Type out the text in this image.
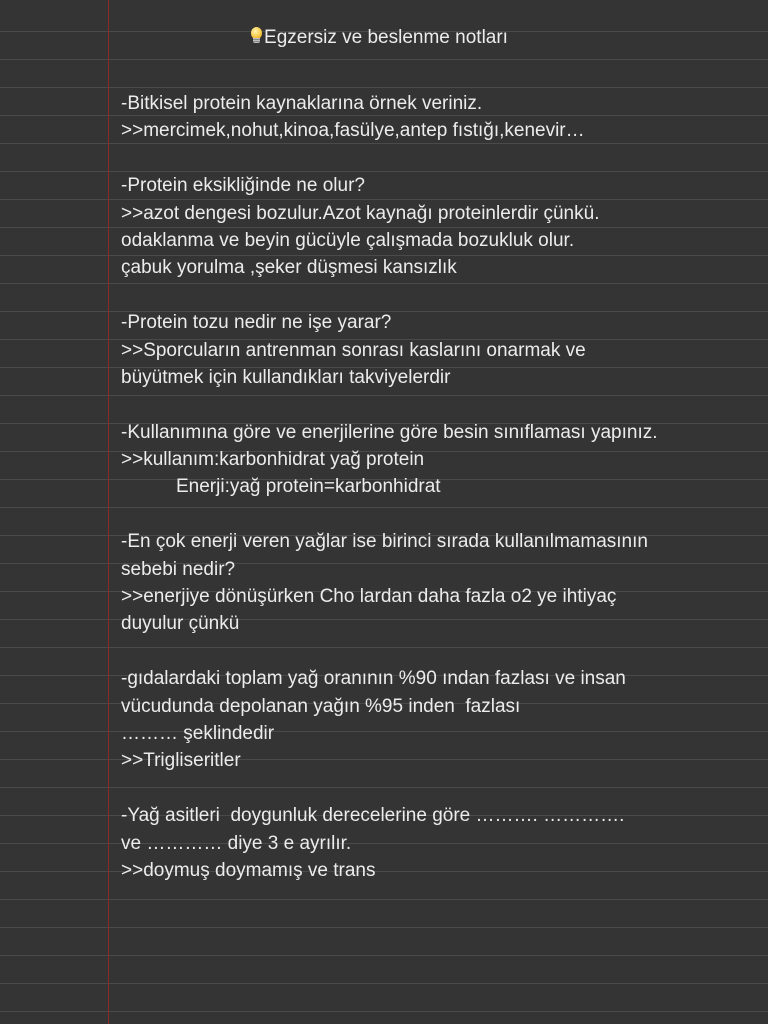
Egzersiz ve beslenme notları
-Bitkisel protein kaynaklarına örnek veriniz.
>>mercimek,nohut,kinoa,fasülye,antep fıstığı,kenevir…
-Protein eksikliğinde ne olur?
>>azot dengesi bozulur.Azot kaynağı proteinlerdir çünkü.
odaklanma ve beyin gücüyle çalışmada bozukluk olur.
çabuk yorulma ,şeker düşmesi kansızlık
-Protein tozu nedir ne işe yarar?
>>Sporcuların antrenman sonrası kaslarını onarmak ve
büyütmek için kullandıkları takviyelerdir
-Kullanımına göre ve enerjilerine göre besin sınıflaması yapınız.
>>kullanım:karbonhidrat yağ protein
Enerji:yağ protein=karbonhidrat
-En çok enerji veren yağlar ise birinci sırada kullanılmamasının
sebebi nedir?
>>enerjiye dönüşürken Cho lardan daha fazla o2 ye ihtiyaç
duyulur çünkü
-gıdalardaki toplam yağ oranının %90 ından fazlası ve insan
vücudunda depolanan yağın %95 inden  fazlası
……… şeklindedir
>>Trigliseritler
-Yağ asitleri  doygunluk derecelerine göre ………. ………….
ve ………… diye 3 e ayrılır.
>>doymuş doymamış ve trans
